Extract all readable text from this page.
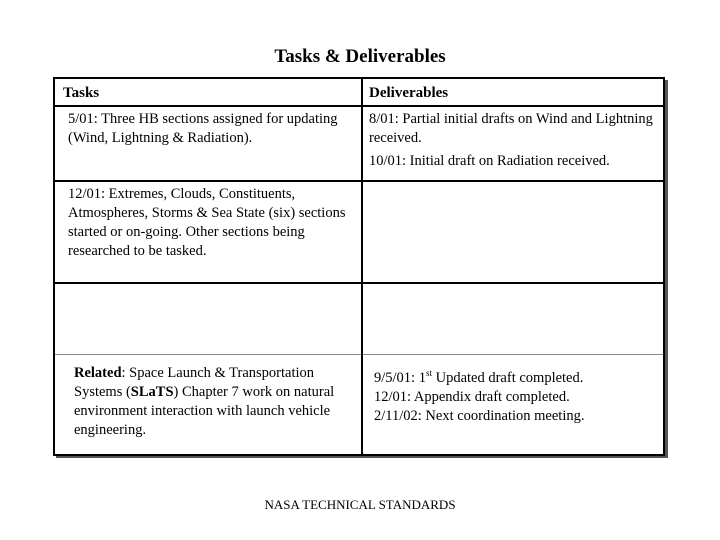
Tasks & Deliverables
Tasks	Deliverables
5/01: Three HB sections assigned for updating (Wind, Lightning & Radiation).

8/01: Partial initial drafts on Wind and Lightning received.

10/01: Initial draft on Radiation received.

12/01: Extremes, Clouds, Constituents, Atmospheres, Storms & Sea State (six) sections started or on-going. Other sections being researched to be tasked.
Related: Space Launch & Transportation Systems (SLaTS) Chapter 7 work on natural environment interaction with launch vehicle engineering.
9/5/01: 1st Updated draft completed.
12/01: Appendix draft completed.
2/11/02: Next coordination meeting.
NASA TECHNICAL STANDARDS
